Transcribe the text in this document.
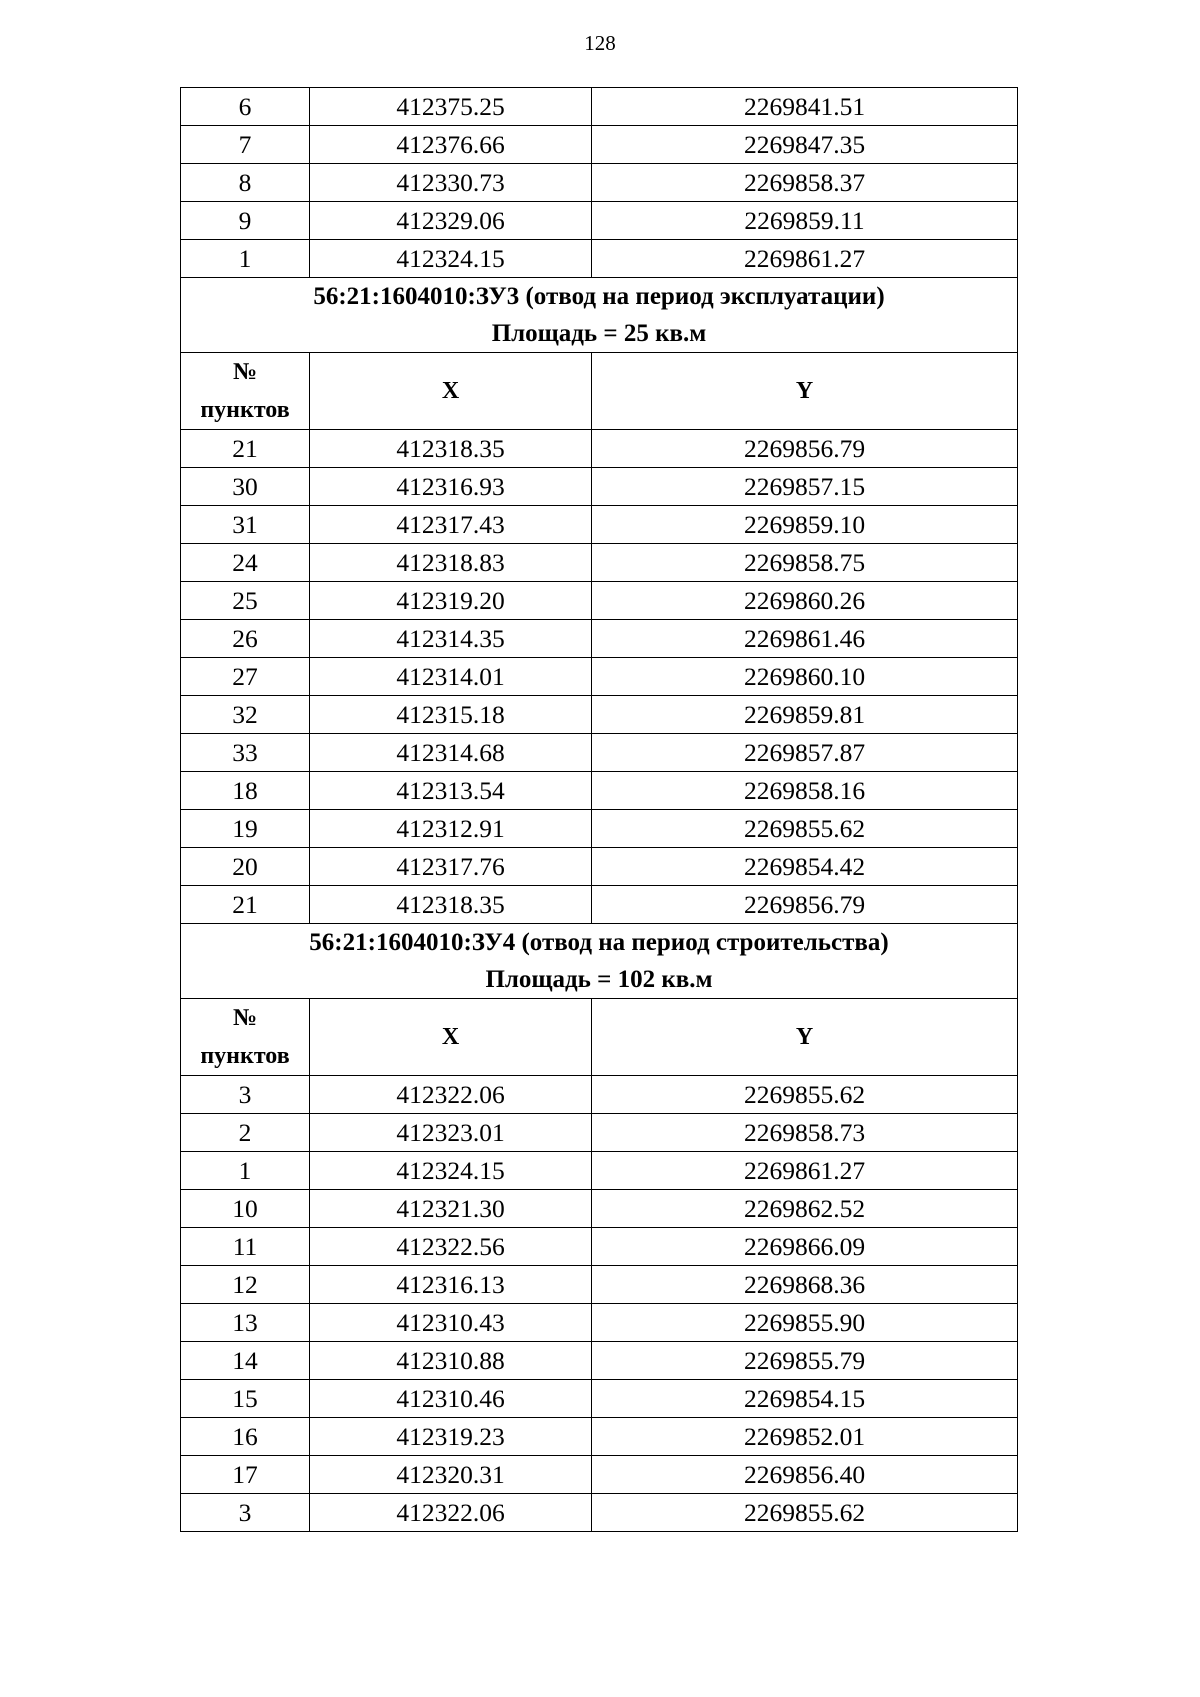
128
6	412375.25	2269841.51
7	412376.66	2269847.35
8	412330.73	2269858.37
9	412329.06	2269859.11
1	412324.15	2269861.27

56:21:1604010:ЗУ3 (отвод на период эксплуатации)
Площадь = 25 кв.м		

№
пунктов	X	Y
21	412318.35	2269856.79
30	412316.93	2269857.15
31	412317.43	2269859.10
24	412318.83	2269858.75
25	412319.20	2269860.26
26	412314.35	2269861.46
27	412314.01	2269860.10
32	412315.18	2269859.81
33	412314.68	2269857.87
18	412313.54	2269858.16
19	412312.91	2269855.62
20	412317.76	2269854.42
21	412318.35	2269856.79

56:21:1604010:ЗУ4 (отвод на период строительства)
Площадь = 102 кв.м		

№
пунктов	X	Y
3	412322.06	2269855.62
2	412323.01	2269858.73
1	412324.15	2269861.27
10	412321.30	2269862.52
11	412322.56	2269866.09
12	412316.13	2269868.36
13	412310.43	2269855.90
14	412310.88	2269855.79
15	412310.46	2269854.15
16	412319.23	2269852.01
17	412320.31	2269856.40
3	412322.06	2269855.62
